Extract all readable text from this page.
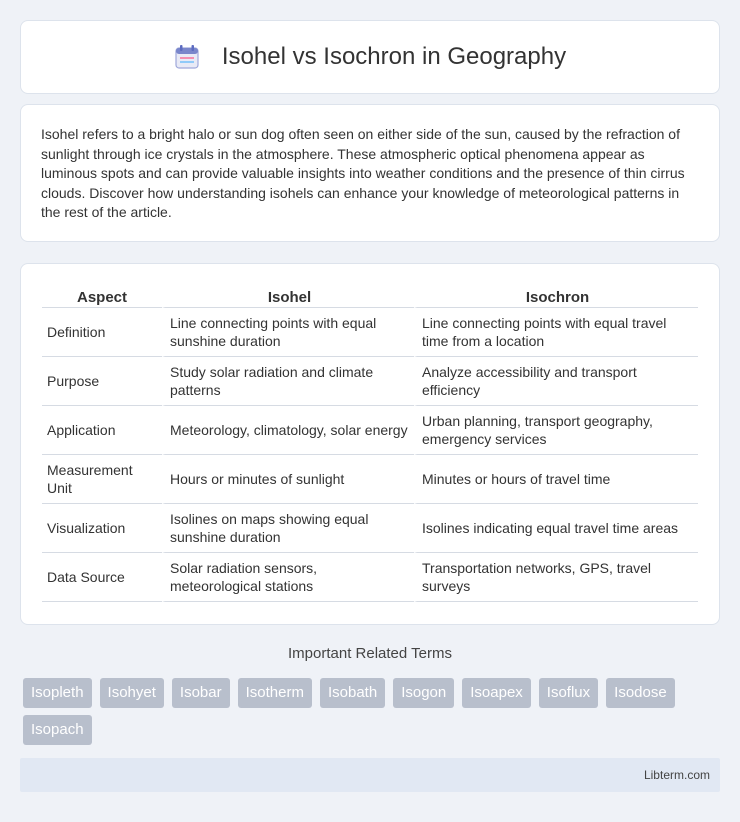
Isohel vs Isochron in Geography

Isohel refers to a bright halo or sun dog often seen on either side of the sun, caused by the refraction of sunlight through ice crystals in the atmosphere. These atmospheric optical phenomena appear as luminous spots and can provide valuable insights into weather conditions and the presence of thin cirrus clouds. Discover how understanding isohels can enhance your knowledge of meteorological patterns in the rest of the article.

Aspect	Isohel	Isochron
Definition	Line connecting points with equal sunshine duration	Line connecting points with equal travel time from a location
Purpose	Study solar radiation and climate patterns	Analyze accessibility and transport efficiency
Application	Meteorology, climatology, solar energy	Urban planning, transport geography, emergency services
Measurement Unit	Hours or minutes of sunlight	Minutes or hours of travel time
Visualization	Isolines on maps showing equal sunshine duration	Isolines indicating equal travel time areas
Data Source	Solar radiation sensors, meteorological stations	Transportation networks, GPS, travel surveys
Important Related Terms
Isopleth	Isohyet	Isobar	Isotherm	Isobath	Isogon	Isoapex	Isoflux	Isodose
Isopach
Libterm.com
